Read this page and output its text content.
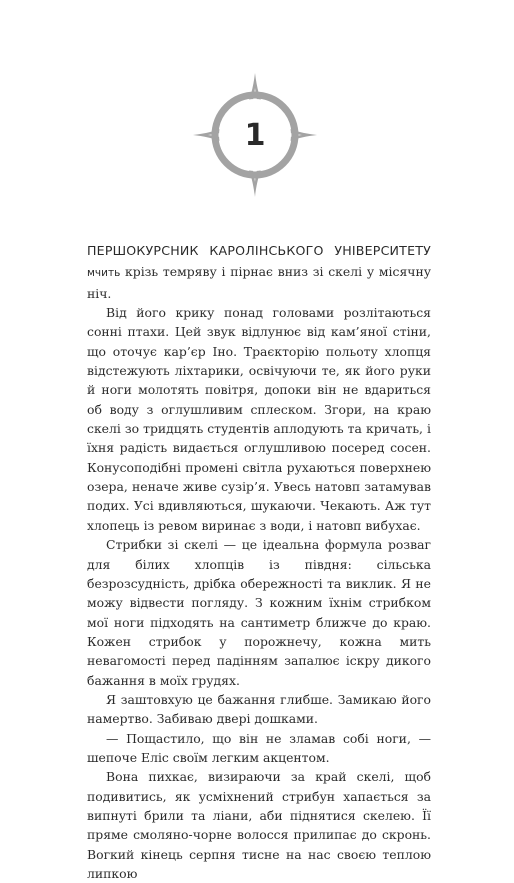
1

ПЕРШОКУРСНИК КАРОЛІНСЬКОГО УНІВЕРСИТЕТУ мчить крізь темряву і пірнає вниз зі скелі у місячну ніч.

Від його крику понад головами розлітаються сонні птахи. Цей звук відлунює від кам’яної стіни, що оточує кар’єр Іно. Траєкторію польоту хлопця відстежують ліхтарики, освічуючи те, як його руки й ноги молотять повітря, допоки він не вдариться об воду з оглушливим сплеском. Згори, на краю скелі зо тридцять студентів аплодують та кричать, і їхня радість видається оглушливою посеред сосен. Конусоподібні промені світла рухаються поверхнею озера, неначе живе сузір’я. Увесь натовп затамував подих. Усі вдивляються, шукаючи. Чекають. Аж тут хлопець із ревом виринає з води, і натовп вибухає.

Стрибки зі скелі — це ідеальна формула розваг для білих хлопців із півдня: сільська безрозсудність, дрібка обережності та виклик. Я не можу відвести погляду. З кожним їхнім стрибком мої ноги підходять на сантиметр ближче до краю. Кожен стрибок у порожнечу, кожна мить невагомості перед падінням запалює іскру дикого бажання в моїх грудях.

Я заштовхую це бажання глибше. Замикаю його намертво. Забиваю двері дошками.

— Пощастило, що він не зламав собі ноги, — шепоче Еліс своїм легким акцентом.

Вона пихкає, визираючи за край скелі, щоб подивитись, як усміхнений стрибун хапається за випнуті брили та ліани, аби піднятися скелею. Її пряме смоляно-чорне волосся прилипає до скронь. Вогкий кінець серпня тисне на нас своєю теплою липкою
